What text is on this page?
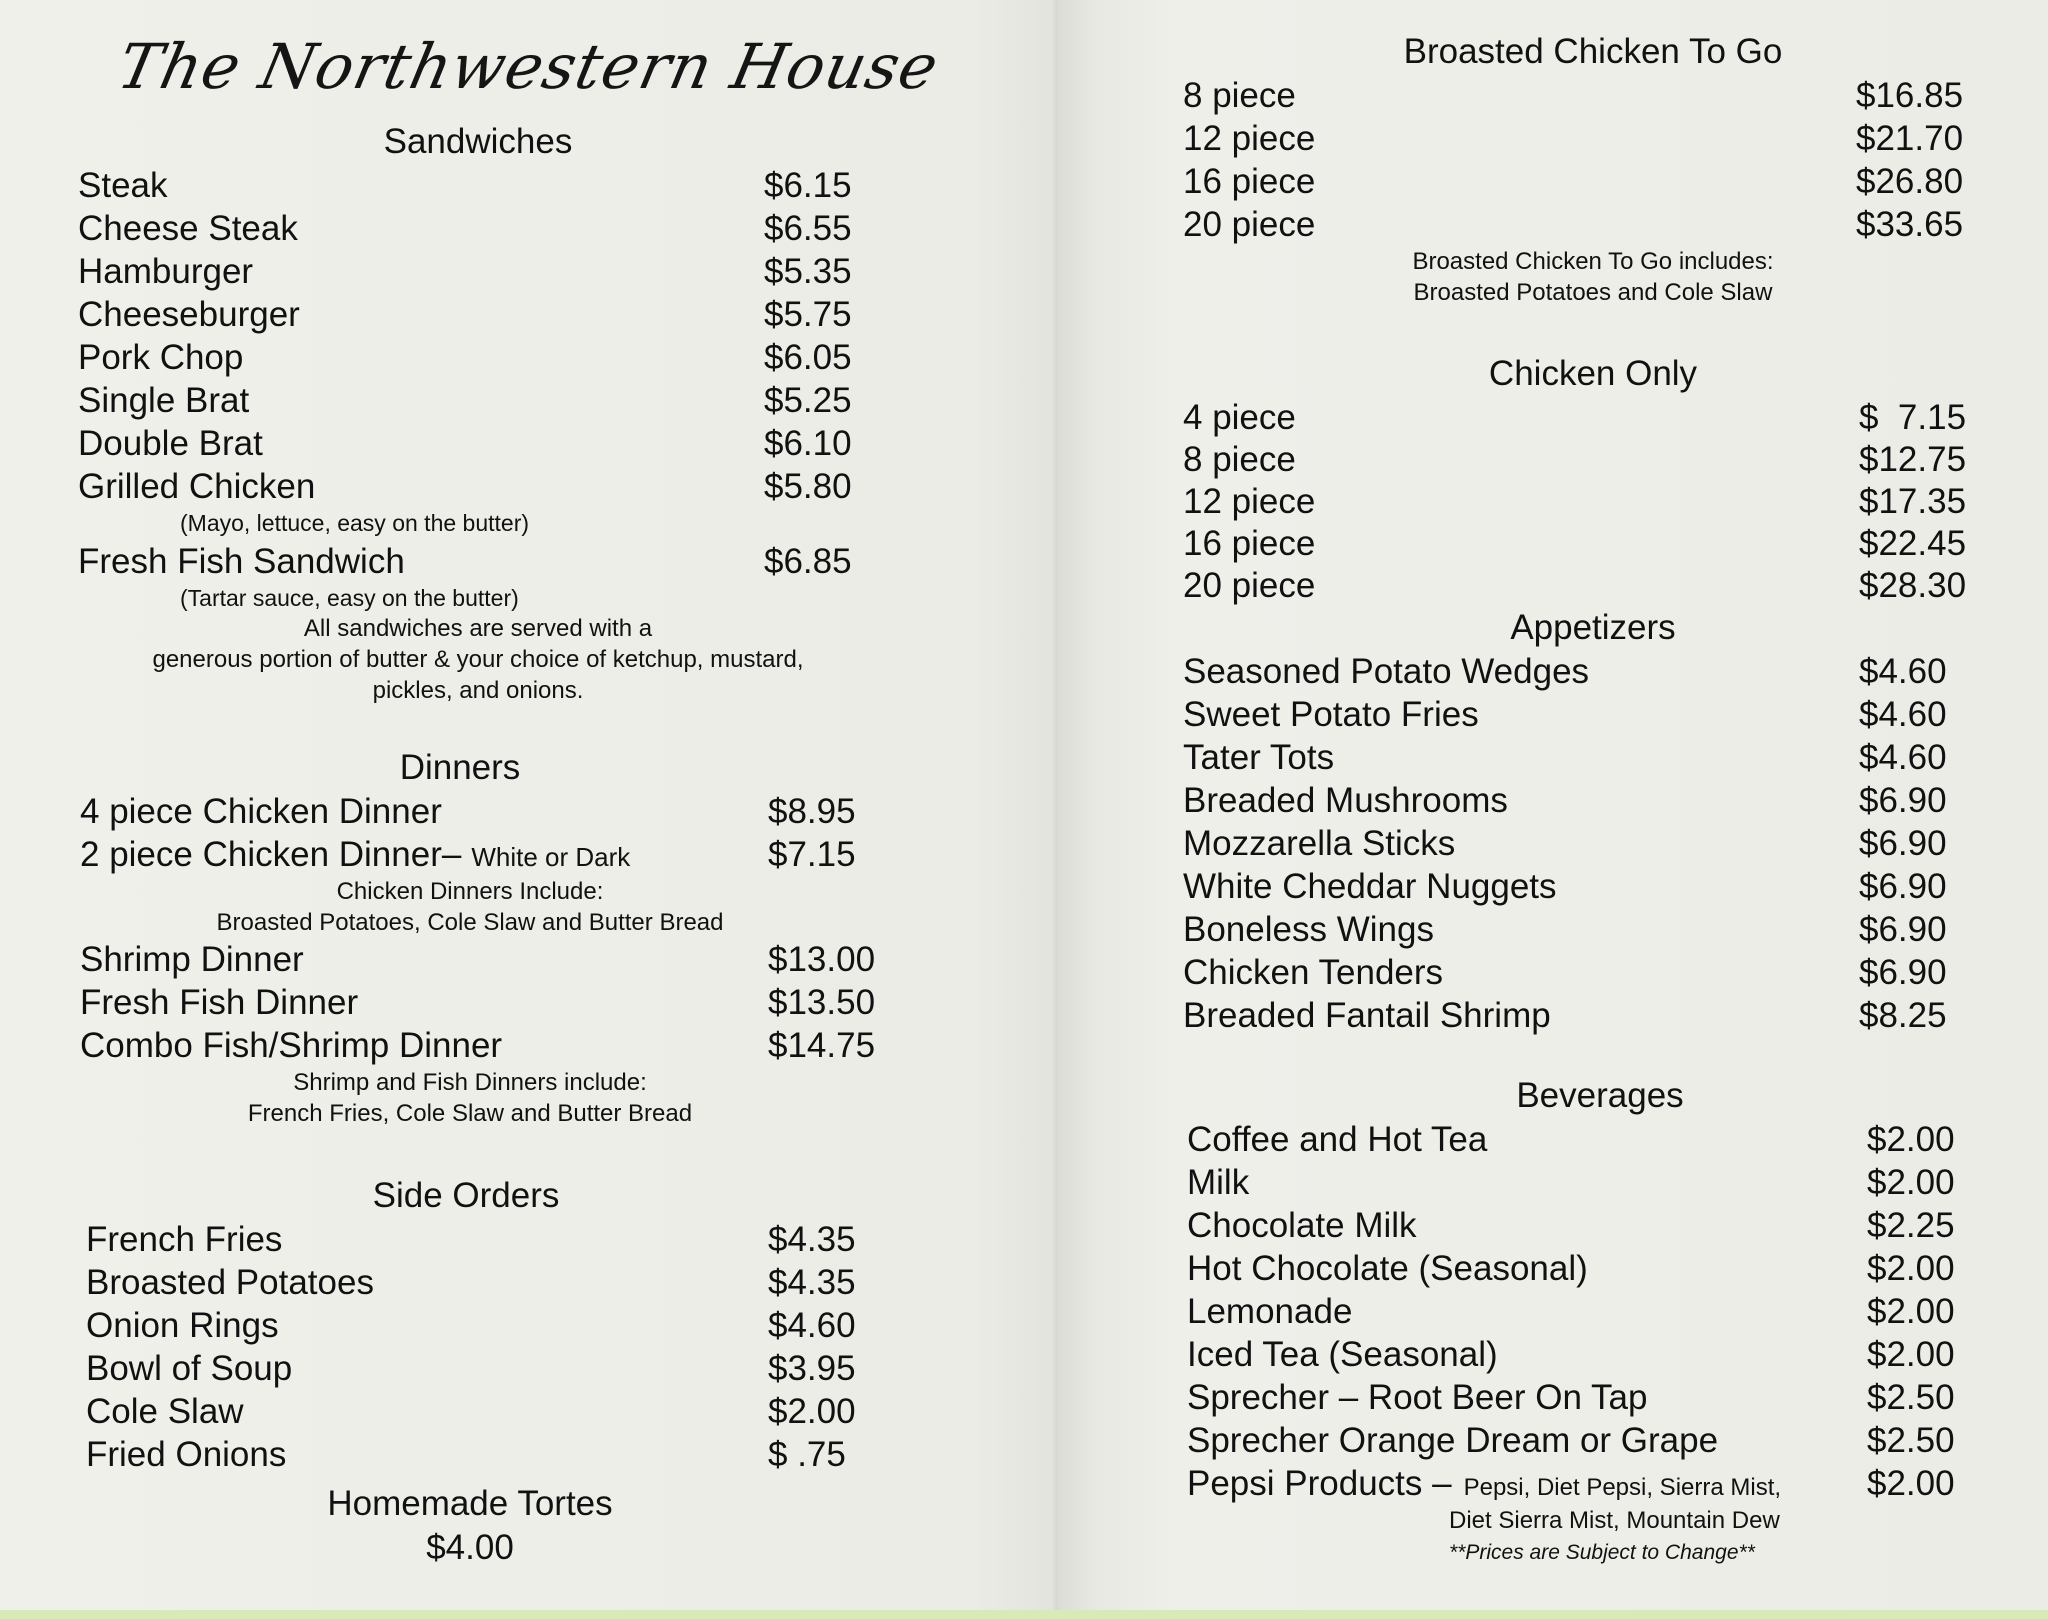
The Northwestern House
Sandwiches
Steak	$6.15
Cheese Steak	$6.55
Hamburger	$5.35
Cheeseburger	$5.75
Pork Chop	$6.05
Single Brat	$5.25
Double Brat	$6.10
Grilled Chicken	$5.80
(Mayo, lettuce, easy on the butter)
Fresh Fish Sandwich	$6.85
(Tartar sauce, easy on the butter)
All sandwiches are served with a
generous portion of butter & your choice of ketchup, mustard,
pickles, and onions.
Dinners
4 piece Chicken Dinner	$8.95
2 piece Chicken Dinner– White or Dark	$7.15
Chicken Dinners Include:
Broasted Potatoes, Cole Slaw and Butter Bread
Shrimp Dinner	$13.00
Fresh Fish Dinner	$13.50
Combo Fish/Shrimp Dinner	$14.75
Shrimp and Fish Dinners include:
French Fries, Cole Slaw and Butter Bread
Side Orders
French Fries	$4.35
Broasted Potatoes	$4.35
Onion Rings	$4.60
Bowl of Soup	$3.95
Cole Slaw	$2.00
Fried Onions	$ .75
Homemade Tortes
$4.00
Broasted Chicken To Go
8 piece	$16.85
12 piece	$21.70
16 piece	$26.80
20 piece	$33.65
Broasted Chicken To Go includes:
Broasted Potatoes and Cole Slaw
Chicken Only
4 piece	$  7.15
8 piece	$12.75
12 piece	$17.35
16 piece	$22.45
20 piece	$28.30
Appetizers
Seasoned Potato Wedges	$4.60
Sweet Potato Fries	$4.60
Tater Tots	$4.60
Breaded Mushrooms	$6.90
Mozzarella Sticks	$6.90
White Cheddar Nuggets	$6.90
Boneless Wings	$6.90
Chicken Tenders	$6.90
Breaded Fantail Shrimp	$8.25
Beverages
Coffee and Hot Tea	$2.00
Milk	$2.00
Chocolate Milk	$2.25
Hot Chocolate (Seasonal)	$2.00
Lemonade	$2.00
Iced Tea (Seasonal)	$2.00
Sprecher – Root Beer On Tap	$2.50
Sprecher Orange Dream or Grape	$2.50
Pepsi Products – Pepsi, Diet Pepsi, Sierra Mist, $2.00
Diet Sierra Mist, Mountain Dew
**Prices are Subject to Change**
